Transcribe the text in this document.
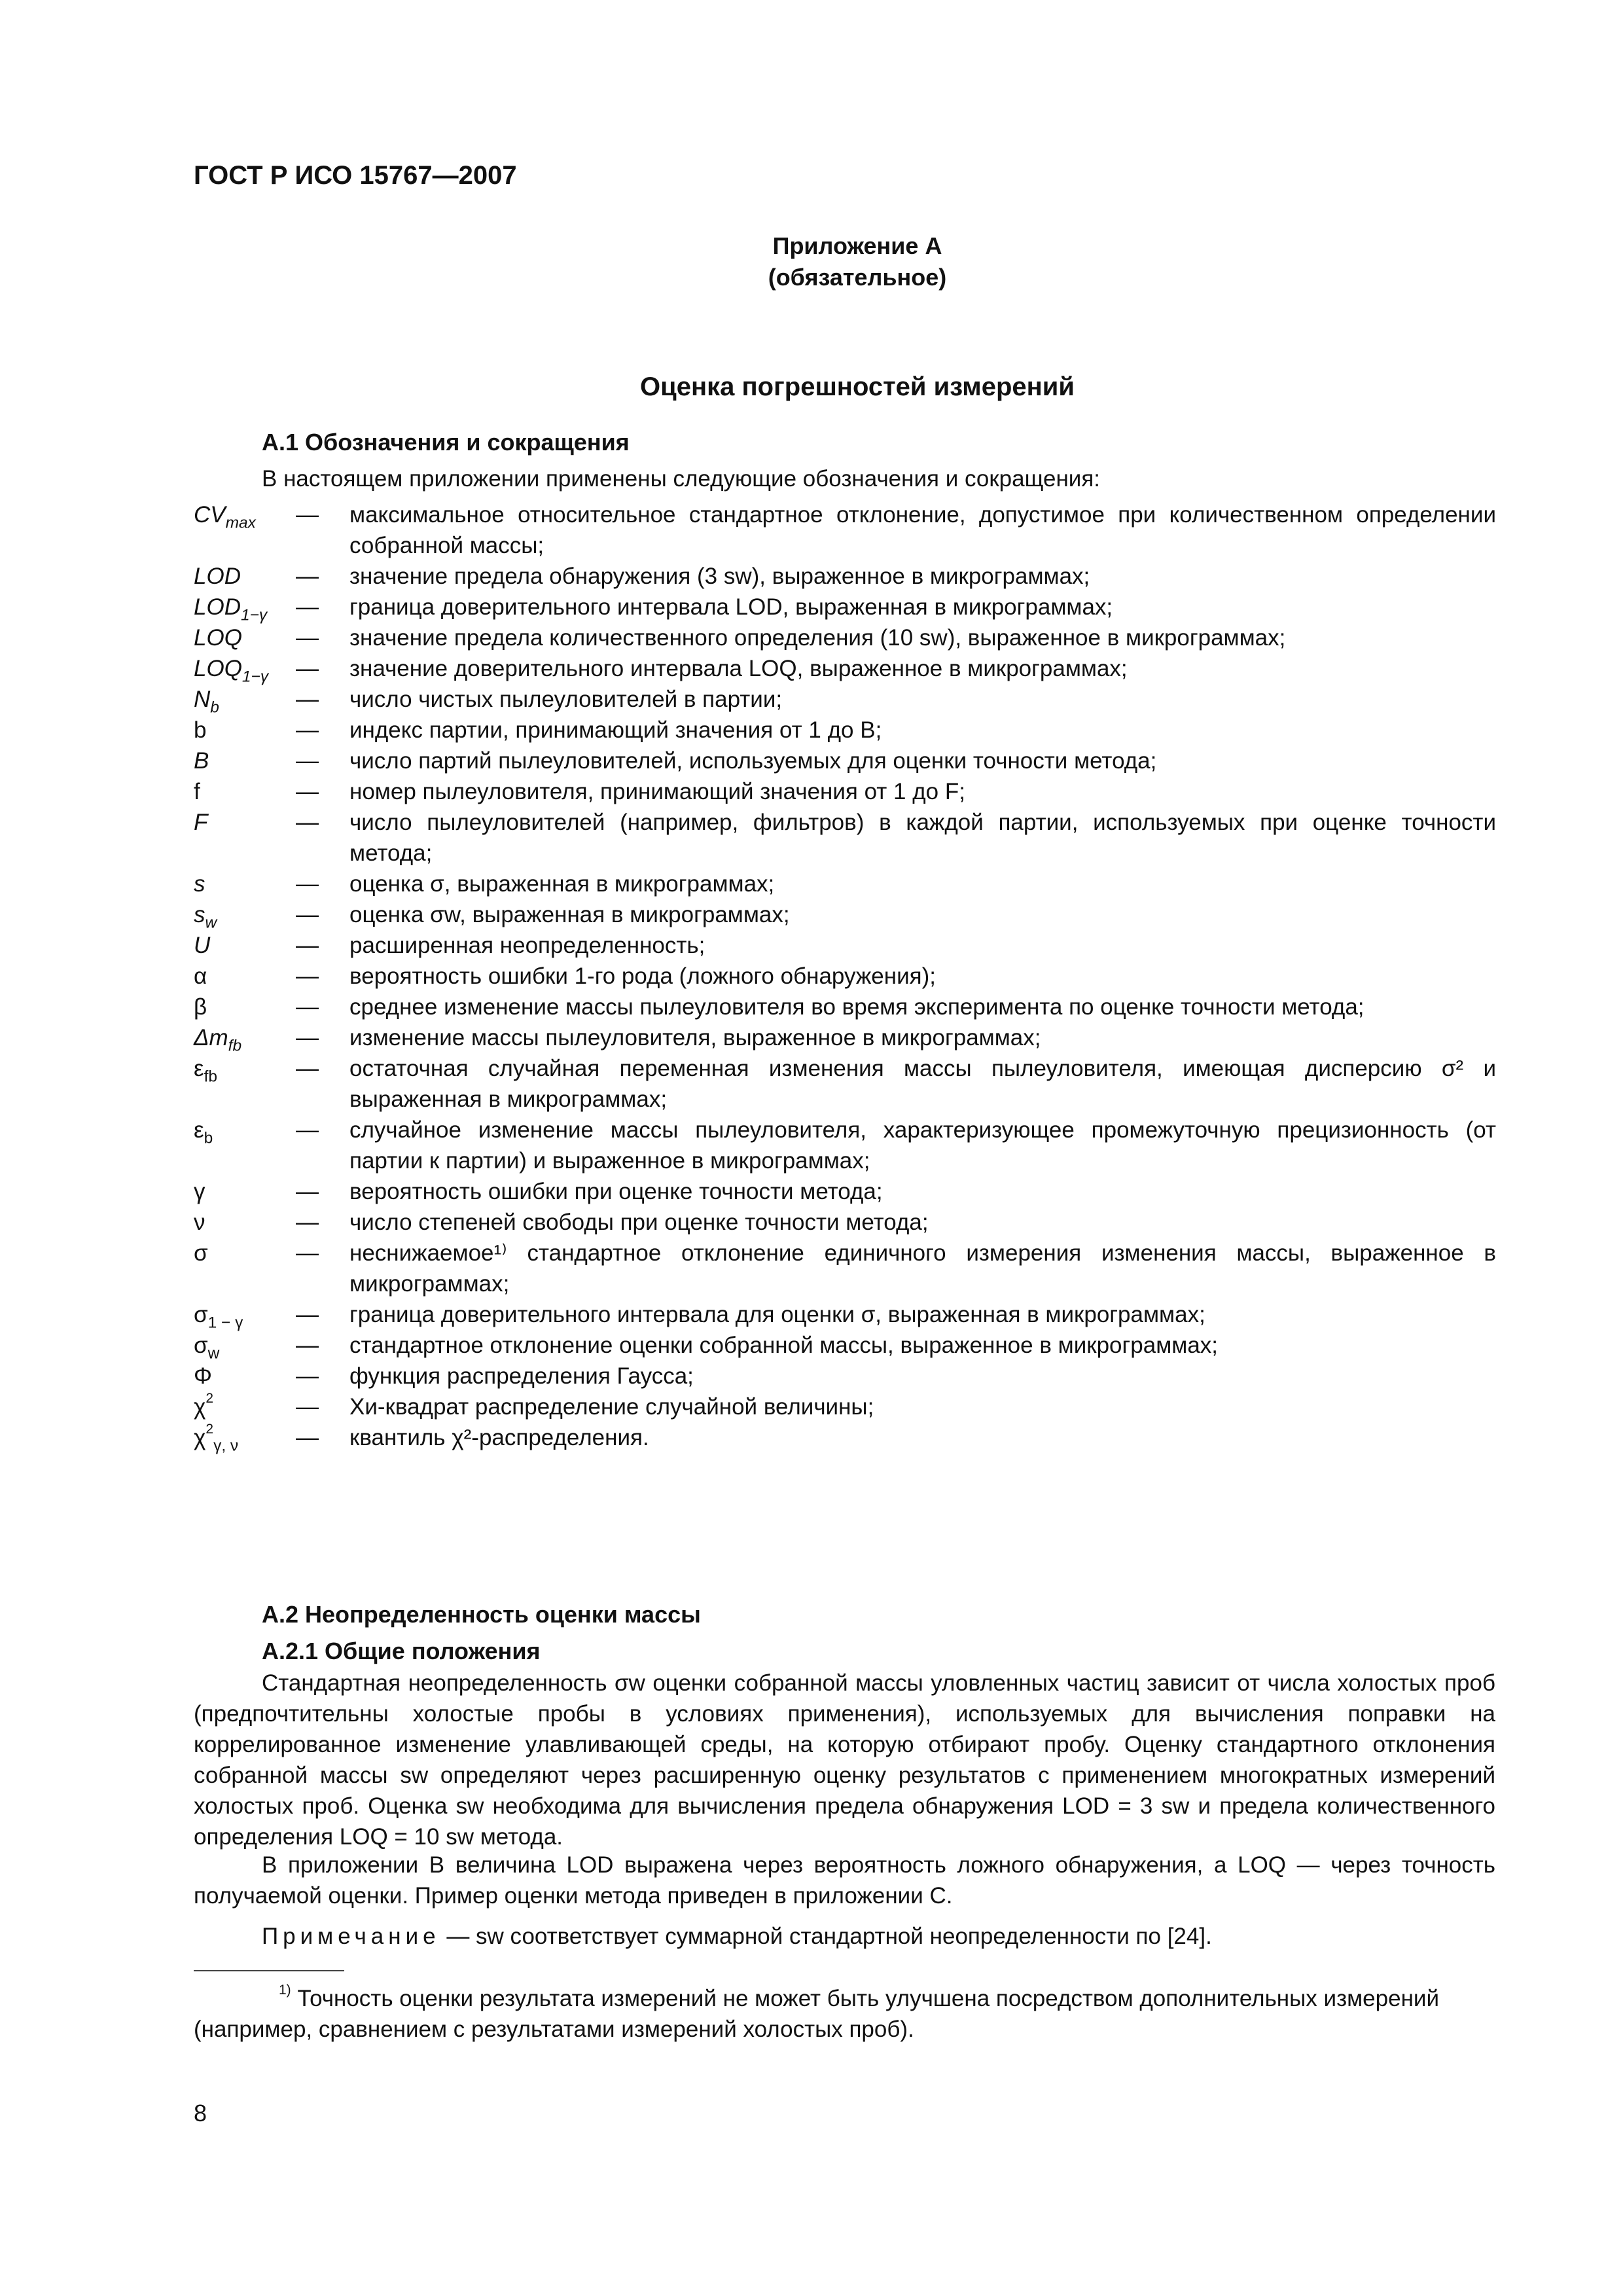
ГОСТ Р ИСО 15767—2007
Приложение А
(обязательное)
Оценка погрешностей измерений
А.1 Обозначения и сокращения
В настоящем приложении применены следующие обозначения и сокращения:
$CV_{max}$	—	максимальное относительное стандартное отклонение, допустимое при количественном определении собранной массы;
LOD	—	значение предела обнаружения (3 sw), выраженное в микрограммах;
$LOD_{1-\gamma}$	—	граница доверительного интервала LOD, выраженная в микрограммах;
LOQ	—	значение предела количественного определения (10 sw), выраженное в микрограммах;
$LOQ_{1-\gamma}$	—	значение доверительного интервала LOQ, выраженное в микрограммах;
$N_b$	—	число чистых пылеуловителей в партии;
b	—	индекс партии, принимающий значения от 1 до B;
B	—	число партий пылеуловителей, используемых для оценки точности метода;
f	—	номер пылеуловителя, принимающий значения от 1 до F;
F	—	число пылеуловителей (например, фильтров) в каждой партии, используемых при оценке точности метода;
s	—	оценка σ, выраженная в микрограммах;
$s_w$	—	оценка σw, выраженная в микрограммах;
U	—	расширенная неопределенность;
α	—	вероятность ошибки 1-го рода (ложного обнаружения);
β	—	среднее изменение массы пылеуловителя во время эксперимента по оценке точности метода;
$\Delta m_{fb}$	—	изменение массы пылеуловителя, выраженное в микрограммах;
$\varepsilon_{fb}$	—	остаточная случайная переменная изменения массы пылеуловителя, имеющая дисперсию σ² и выраженная в микрограммах;
$\varepsilon_b$	—	случайное изменение массы пылеуловителя, характеризующее промежуточную прецизионность (от партии к партии) и выраженное в микрограммах;
γ	—	вероятность ошибки при оценке точности метода;
ν	—	число степеней свободы при оценке точности метода;
σ	—	неснижаемое¹⁾ стандартное отклонение единичного измерения изменения массы, выраженное в микрограммах;
$\sigma_{1 - \gamma}$	—	граница доверительного интервала для оценки σ, выраженная в микрограммах;
$\sigma_w$	—	стандартное отклонение оценки собранной массы, выраженное в микрограммах;
Φ	—	функция распределения Гаусса;
$\chi^2$	—	Хи-квадрат распределение случайной величины;
$\chi^2_{\gamma, \nu}$	—	квантиль χ²-распределения.
А.2 Неопределенность оценки массы
А.2.1 Общие положения
Стандартная неопределенность σw оценки собранной массы уловленных частиц зависит от числа холостых проб (предпочтительны холостые пробы в условиях применения), используемых для вычисления поправки на коррелированное изменение улавливающей среды, на которую отбирают пробу. Оценку стандартного отклонения собранной массы sw определяют через расширенную оценку результатов с применением многократных измерений холостых проб. Оценка sw необходима для вычисления предела обнаружения LOD = 3 sw и предела количественного определения LOQ = 10 sw метода.
В приложении В величина LOD выражена через вероятность ложного обнаружения, а LOQ — через точность получаемой оценки. Пример оценки метода приведен в приложении С.
Примечание — sw соответствует суммарной стандартной неопределенности по [24].
$^{1)}$ Точность оценки результата измерений не может быть улучшена посредством дополнительных измерений (например, сравнением с результатами измерений холостых проб).
8
